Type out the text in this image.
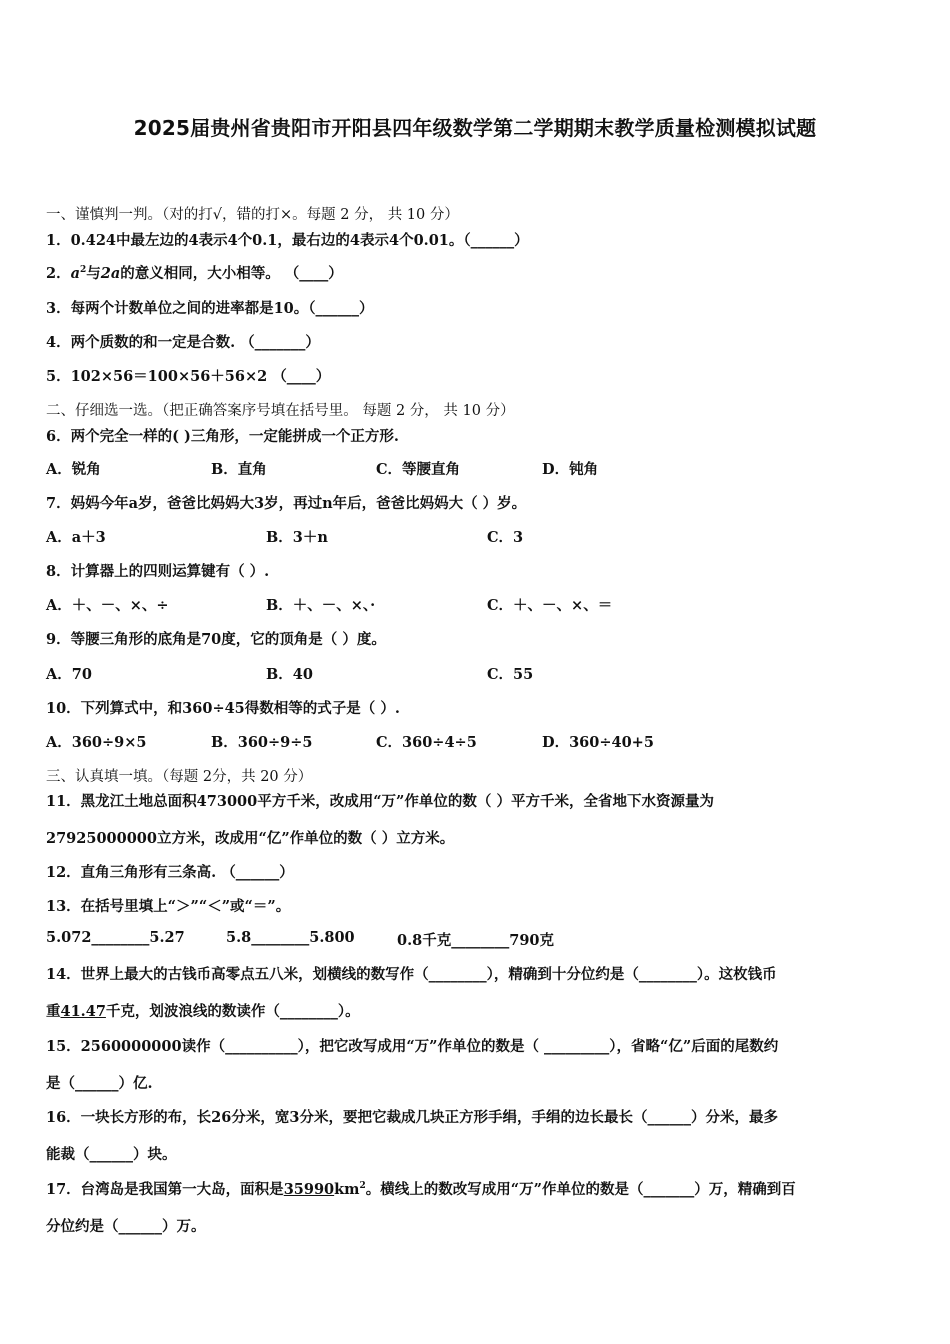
2025届贵州省贵阳市开阳县四年级数学第二学期期末教学质量检测模拟试题
一、谨慎判一判。（对的打√，错的打×。每题 2 分， 共 10 分）
1．0.424中最左边的4表示4个0.1，最右边的4表示4个0.01。（______）
2．$a^2$与2a的意义相同，大小相等。 （____）
3．每两个计数单位之间的进率都是10。（______）
4．两个质数的和一定是合数. （_______）
5．102×56＝100×56＋56×2 （____）
二、仔细选一选。（把正确答案序号填在括号里。 每题 2 分， 共 10 分）
6．两个完全一样的( )三角形，一定能拼成一个正方形.
A．锐角	B．直角	C．等腰直角	D．钝角
7．妈妈今年a岁，爸爸比妈妈大3岁，再过n年后，爸爸比妈妈大（ ）岁。
A．a＋3	B．3＋n	C．3
8．计算器上的四则运算键有（ ）.
A．＋、－、×、÷	B．＋、－、×、·	C．＋、－、×、＝
9．等腰三角形的底角是70度，它的顶角是（ ）度。
A．70	B．40	C．55
10．下列算式中，和360÷45得数相等的式子是（ ）.
A．360÷9×5	B．360÷9÷5	C．360÷4÷5	D．360÷40+5
三、认真填一填。（每题 2分，共 20 分）
11．黑龙江土地总面积473000平方千米，改成用“万”作单位的数（ ）平方千米，全省地下水资源量为
27925000000立方米，改成用“亿”作单位的数（ ）立方米。
12．直角三角形有三条高. （______）
13．在括号里填上“＞”“＜”或“＝”。
5.072________5.27	5.8________5.800	0.8千克________790克
14．世界上最大的古钱币高零点五八米，划横线的数写作（________），精确到十分位约是（________）。这枚钱币
重41.47千克，划波浪线的数读作（________）。
15．2560000000读作（__________），把它改写成用“万”作单位的数是（ _________），省略“亿”后面的尾数约
是（______）亿.
16．一块长方形的布，长26分米，宽3分米，要把它裁成几块正方形手绢，手绢的边长最长（______）分米，最多
能裁（______）块。
17．台湾岛是我国第一大岛，面积是$35990km^2$。横线上的数改写成用“万”作单位的数是（_______）万，精确到百
分位约是（______）万。
